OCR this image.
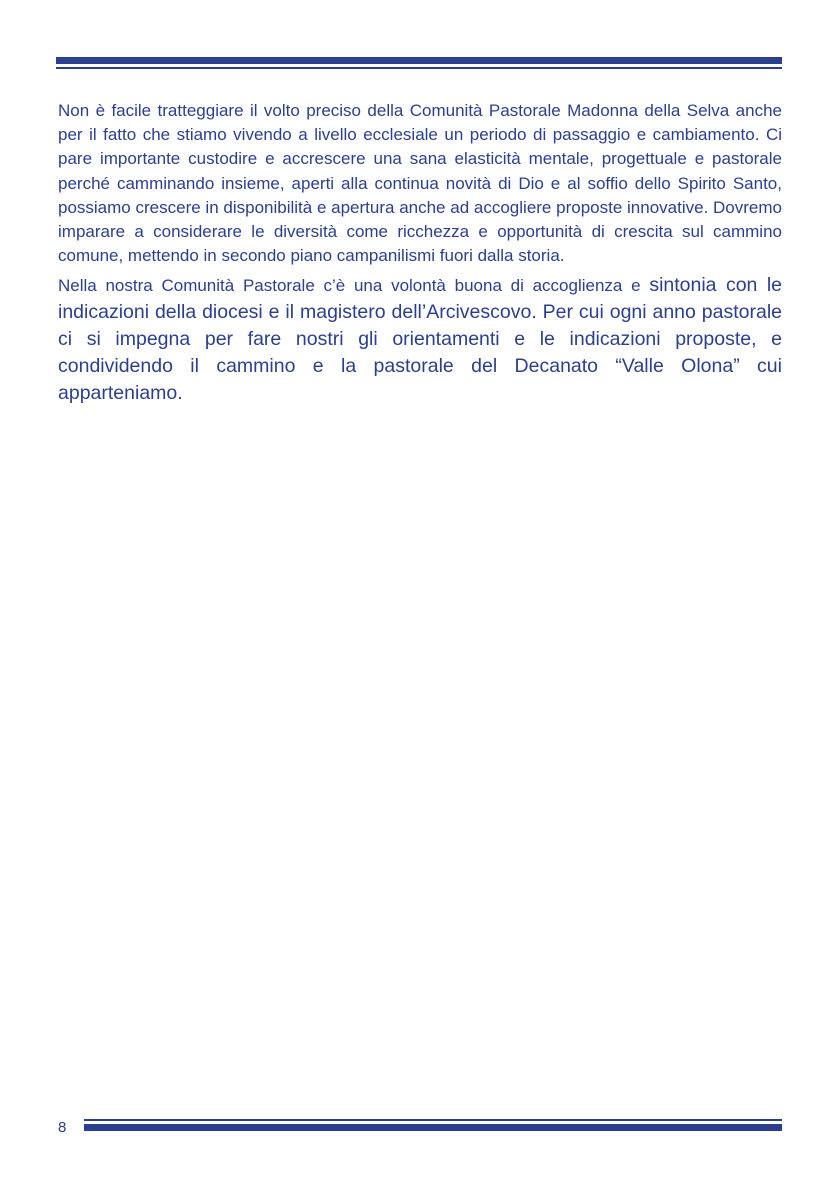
Non è facile tratteggiare il volto preciso della Comunità Pastorale Madonna della Selva anche per il fatto che stiamo vivendo a livello ecclesiale un periodo di passaggio e cambiamento. Ci pare importante custodire e accrescere una sana elasticità mentale, progettuale e pastorale perché camminando insieme, aperti alla continua novità di Dio e al soffio dello Spirito Santo, possiamo crescere in disponibilità e apertura anche ad accogliere proposte innovative. Dovremo imparare a considerare le diversità come ricchezza e opportunità di crescita sul cammino comune, mettendo in secondo piano campanilismi fuori dalla storia.

Nella nostra Comunità Pastorale c’è una volontà buona di accoglienza e sintonia con le indicazioni della diocesi e il magistero dell’Arcivescovo. Per cui ogni anno pastorale ci si impegna per fare nostri gli orientamenti e le indicazioni proposte, e condividendo il cammino e la pastorale del Decanato “Valle Olona” cui apparteniamo.

8
